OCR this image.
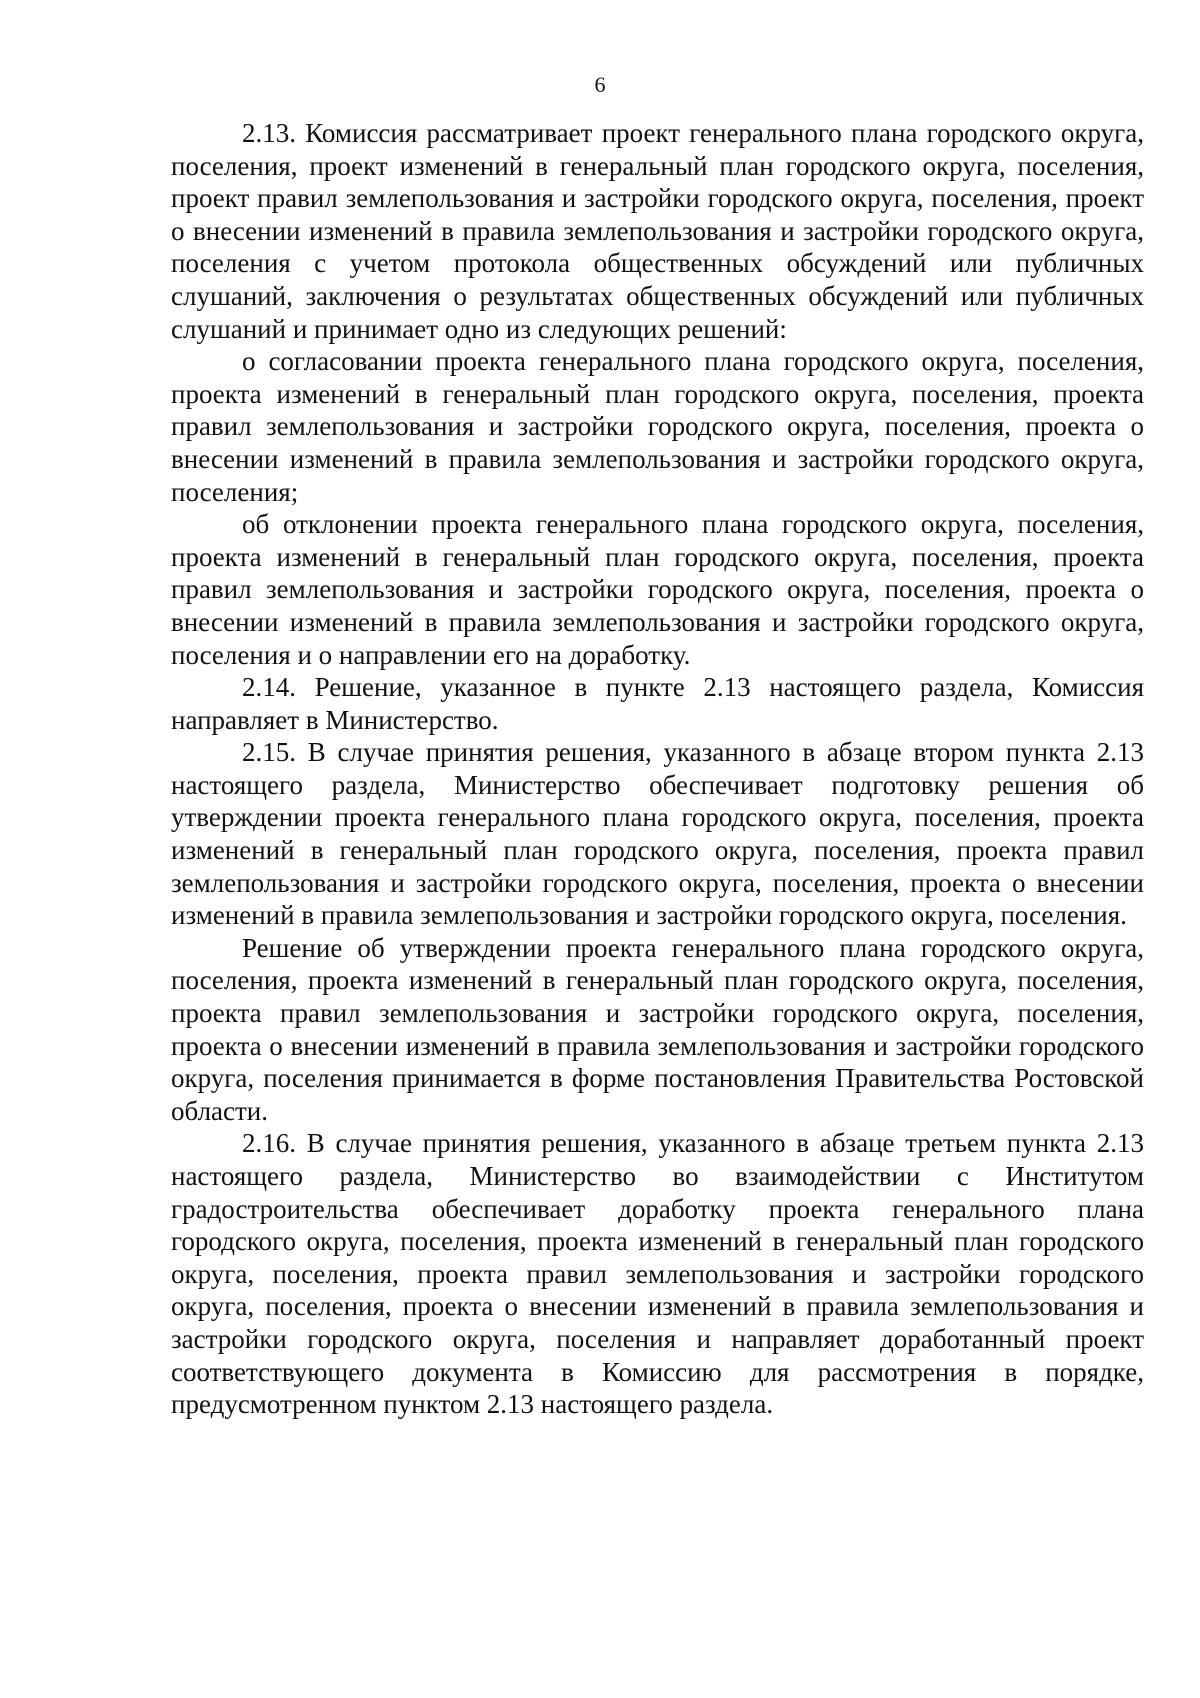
6

2.13. Комиссия рассматривает проект генерального плана городского округа, поселения, проект изменений в генеральный план городского округа, поселения, проект правил землепользования и застройки городского округа, поселения, проект о внесении изменений в правила землепользования и застройки городского округа, поселения с учетом протокола общественных обсуждений или публичных слушаний, заключения о результатах общественных обсуждений или публичных слушаний и принимает одно из следующих решений:

о согласовании проекта генерального плана городского округа, поселения, проекта изменений в генеральный план городского округа, поселения, проекта правил землепользования и застройки городского округа, поселения, проекта о внесении изменений в правила землепользования и застройки городского округа, поселения;

об отклонении проекта генерального плана городского округа, поселения, проекта изменений в генеральный план городского округа, поселения, проекта правил землепользования и застройки городского округа, поселения, проекта о внесении изменений в правила землепользования и застройки городского округа, поселения и о направлении его на доработку.

2.14. Решение, указанное в пункте 2.13 настоящего раздела, Комиссия направляет в Министерство.

2.15. В случае принятия решения, указанного в абзаце втором пункта 2.13 настоящего раздела, Министерство обеспечивает подготовку решения об утверждении проекта генерального плана городского округа, поселения, проекта изменений в генеральный план городского округа, поселения, проекта правил землепользования и застройки городского округа, поселения, проекта о внесении изменений в правила землепользования и застройки городского округа, поселения.

Решение об утверждении проекта генерального плана городского округа, поселения, проекта изменений в генеральный план городского округа, поселения, проекта правил землепользования и застройки городского округа, поселения, проекта о внесении изменений в правила землепользования и застройки городского округа, поселения принимается в форме постановления Правительства Ростовской области.

2.16. В случае принятия решения, указанного в абзаце третьем пункта 2.13 настоящего раздела, Министерство во взаимодействии с Институтом градостроительства обеспечивает доработку проекта генерального плана городского округа, поселения, проекта изменений в генеральный план городского округа, поселения, проекта правил землепользования и застройки городского округа, поселения, проекта о внесении изменений в правила землепользования и застройки городского округа, поселения и направляет доработанный проект соответствующего документа в Комиссию для рассмотрения в порядке, предусмотренном пунктом 2.13 настоящего раздела.
